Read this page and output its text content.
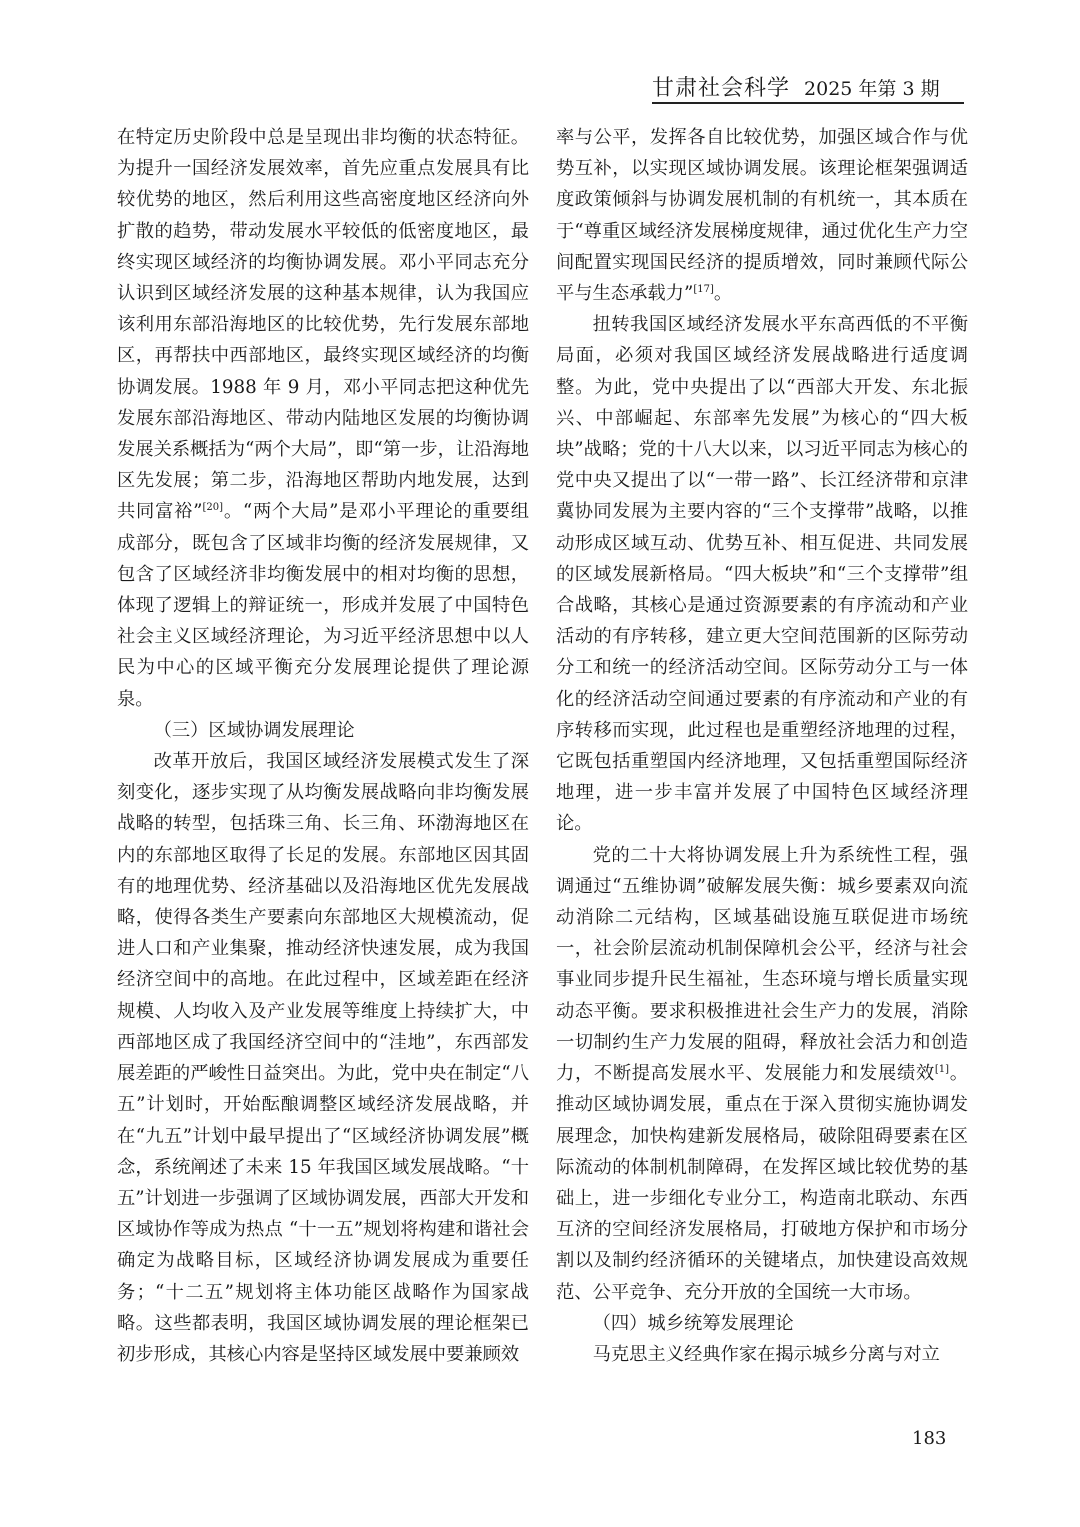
甘肃社会科学 2025 年第 3 期

在特定历史阶段中总是呈现出非均衡的状态特征。为提升一国经济发展效率，首先应重点发展具有比较优势的地区，然后利用这些高密度地区经济向外扩散的趋势，带动发展水平较低的低密度地区，最终实现区域经济的均衡协调发展。邓小平同志充分认识到区域经济发展的这种基本规律，认为我国应该利用东部沿海地区的比较优势，先行发展东部地区，再帮扶中西部地区，最终实现区域经济的均衡协调发展。1988 年 9 月，邓小平同志把这种优先发展东部沿海地区、带动内陆地区发展的均衡协调发展关系概括为“两个大局”，即“第一步，让沿海地区先发展；第二步，沿海地区帮助内地发展，达到共同富裕”[20]。“两个大局”是邓小平理论的重要组成部分，既包含了区域非均衡的经济发展规律，又包含了区域经济非均衡发展中的相对均衡的思想，体现了逻辑上的辩证统一，形成并发展了中国特色社会主义区域经济理论，为习近平经济思想中以人民为中心的区域平衡充分发展理论提供了理论源泉。

（三）区域协调发展理论

改革开放后，我国区域经济发展模式发生了深刻变化，逐步实现了从均衡发展战略向非均衡发展战略的转型，包括珠三角、长三角、环渤海地区在内的东部地区取得了长足的发展。东部地区因其固有的地理优势、经济基础以及沿海地区优先发展战略，使得各类生产要素向东部地区大规模流动，促进人口和产业集聚，推动经济快速发展，成为我国经济空间中的高地。在此过程中，区域差距在经济规模、人均收入及产业发展等维度上持续扩大，中西部地区成了我国经济空间中的“洼地”，东西部发展差距的严峻性日益突出。为此，党中央在制定“八五”计划时，开始酝酿调整区域经济发展战略，并在“九五”计划中最早提出了“区域经济协调发展”概念，系统阐述了未来 15 年我国区域发展战略。“十五”计划进一步强调了区域协调发展，西部大开发和区域协作等成为热点 “十一五”规划将构建和谐社会确定为战略目标，区域经济协调发展成为重要任务；“十二五”规划将主体功能区战略作为国家战略。这些都表明，我国区域协调发展的理论框架已初步形成，其核心内容是坚持区域发展中要兼顾效

率与公平，发挥各自比较优势，加强区域合作与优势互补，以实现区域协调发展。该理论框架强调适度政策倾斜与协调发展机制的有机统一，其本质在于“尊重区域经济发展梯度规律，通过优化生产力空间配置实现国民经济的提质增效，同时兼顾代际公平与生态承载力”[17]。

扭转我国区域经济发展水平东高西低的不平衡局面，必须对我国区域经济发展战略进行适度调整。为此，党中央提出了以“西部大开发、东北振兴、中部崛起、东部率先发展”为核心的“四大板块”战略；党的十八大以来，以习近平同志为核心的党中央又提出了以“一带一路”、长江经济带和京津冀协同发展为主要内容的“三个支撑带”战略，以推动形成区域互动、优势互补、相互促进、共同发展的区域发展新格局。“四大板块”和“三个支撑带”组合战略，其核心是通过资源要素的有序流动和产业活动的有序转移，建立更大空间范围新的区际劳动分工和统一的经济活动空间。区际劳动分工与一体化的经济活动空间通过要素的有序流动和产业的有序转移而实现，此过程也是重塑经济地理的过程，它既包括重塑国内经济地理，又包括重塑国际经济地理，进一步丰富并发展了中国特色区域经济理论。

党的二十大将协调发展上升为系统性工程，强调通过“五维协调”破解发展失衡：城乡要素双向流动消除二元结构，区域基础设施互联促进市场统一，社会阶层流动机制保障机会公平，经济与社会事业同步提升民生福祉，生态环境与增长质量实现动态平衡。要求积极推进社会生产力的发展，消除一切制约生产力发展的阻碍，释放社会活力和创造力，不断提高发展水平、发展能力和发展绩效[1]。推动区域协调发展，重点在于深入贯彻实施协调发展理念，加快构建新发展格局，破除阻碍要素在区际流动的体制机制障碍，在发挥区域比较优势的基础上，进一步细化专业分工，构造南北联动、东西互济的空间经济发展格局，打破地方保护和市场分割以及制约经济循环的关键堵点，加快建设高效规范、公平竞争、充分开放的全国统一大市场。

（四）城乡统筹发展理论

马克思主义经典作家在揭示城乡分离与对立

183
